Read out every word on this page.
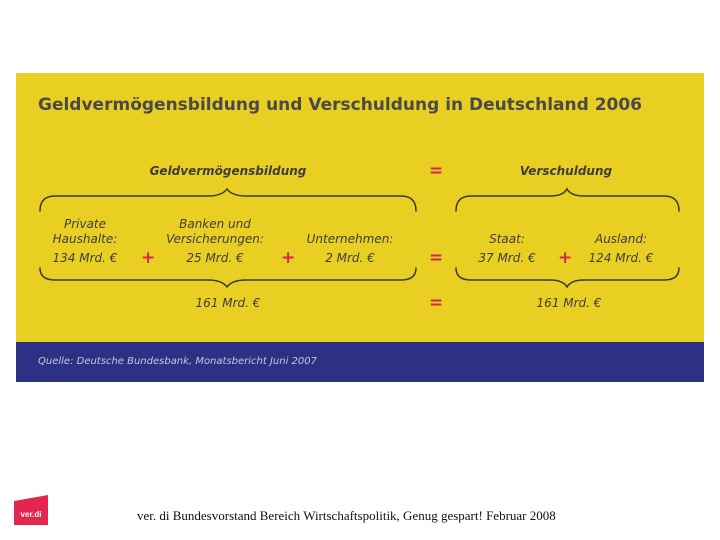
Geldvermögensbildung und Verschuldung in Deutschland 2006
Geldvermögensbildung	=	Verschuldung
Private
Haushalte:
134 Mrd. €	+
Banken und
Versicherungen:
25 Mrd. €	+
Unternehmen:
2 Mrd. €	=
Staat:
37 Mrd. €	+
Ausland:
124 Mrd. €
161 Mrd. €	=	161 Mrd. €
Quelle: Deutsche Bundesbank, Monatsbericht Juni 2007
ver.di	ver. di Bundesvorstand Bereich Wirtschaftspolitik, Genug gespart! Februar 2008
